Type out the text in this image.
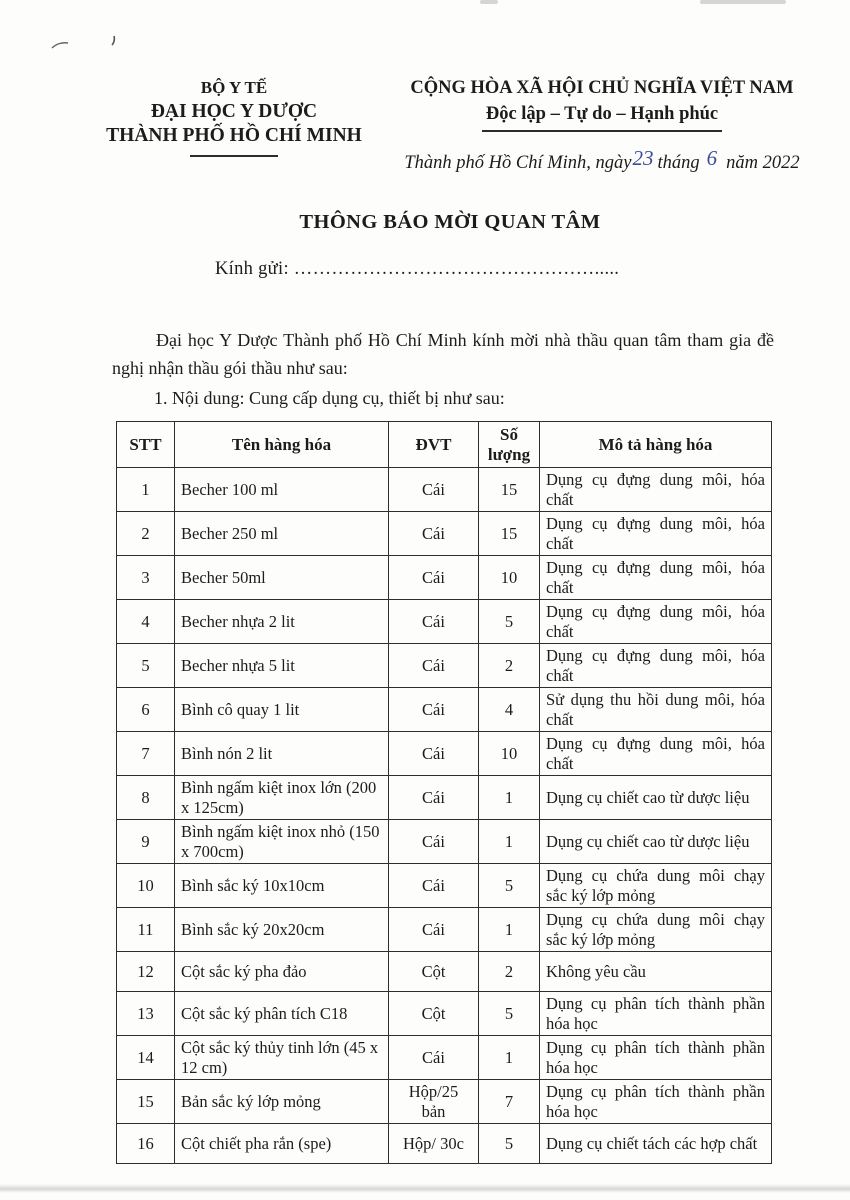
BỘ Y TẾ
ĐẠI HỌC Y DƯỢC
THÀNH PHỐ HỒ CHÍ MINH
CỘNG HÒA XÃ HỘI CHỦ NGHĨA VIỆT NAM
Độc lập – Tự do – Hạnh phúc
Thành phố Hồ Chí Minh, ngày23 tháng 6 năm 2022
THÔNG BÁO MỜI QUAN TÂM
Kính gửi: ………………………………………….....
Đại học Y Dược Thành phố Hồ Chí Minh kính mời nhà thầu quan tâm tham gia đề nghị nhận thầu gói thầu như sau:
1. Nội dung: Cung cấp dụng cụ, thiết bị như sau:
STT	Tên hàng hóa	ĐVT	Số lượng	Mô tả hàng hóa
1	Becher 100 ml	Cái	15	Dụng cụ đựng dung môi, hóa chất
2	Becher 250 ml	Cái	15	Dụng cụ đựng dung môi, hóa chất
3	Becher 50ml	Cái	10	Dụng cụ đựng dung môi, hóa chất
4	Becher nhựa 2 lit	Cái	5	Dụng cụ đựng dung môi, hóa chất
5	Becher nhựa 5 lit	Cái	2	Dụng cụ đựng dung môi, hóa chất
6	Bình cô quay 1 lit	Cái	4	Sử dụng thu hồi dung môi, hóa chất
7	Bình nón 2 lit	Cái	10	Dụng cụ đựng dung môi, hóa chất
8	Bình ngấm kiệt inox lớn (200 x 125cm)	Cái	1	Dụng cụ chiết cao từ dược liệu
9	Bình ngấm kiệt inox nhỏ (150 x 700cm)	Cái	1	Dụng cụ chiết cao từ dược liệu
10	Bình sắc ký 10x10cm	Cái	5	Dụng cụ chứa dung môi chạy sắc ký lớp mỏng
11	Bình sắc ký 20x20cm	Cái	1	Dụng cụ chứa dung môi chạy sắc ký lớp mỏng
12	Cột sắc ký pha đảo	Cột	2	Không yêu cầu
13	Cột sắc ký phân tích C18	Cột	5	Dụng cụ phân tích thành phần hóa học
14	Cột sắc ký thủy tinh lớn (45 x 12 cm)	Cái	1	Dụng cụ phân tích thành phần hóa học
15	Bản sắc ký lớp mỏng	Hộp/25 bản	7	Dụng cụ phân tích thành phần hóa học
16	Cột chiết pha rắn (spe)	Hộp/ 30c	5	Dụng cụ chiết tách các hợp chất
